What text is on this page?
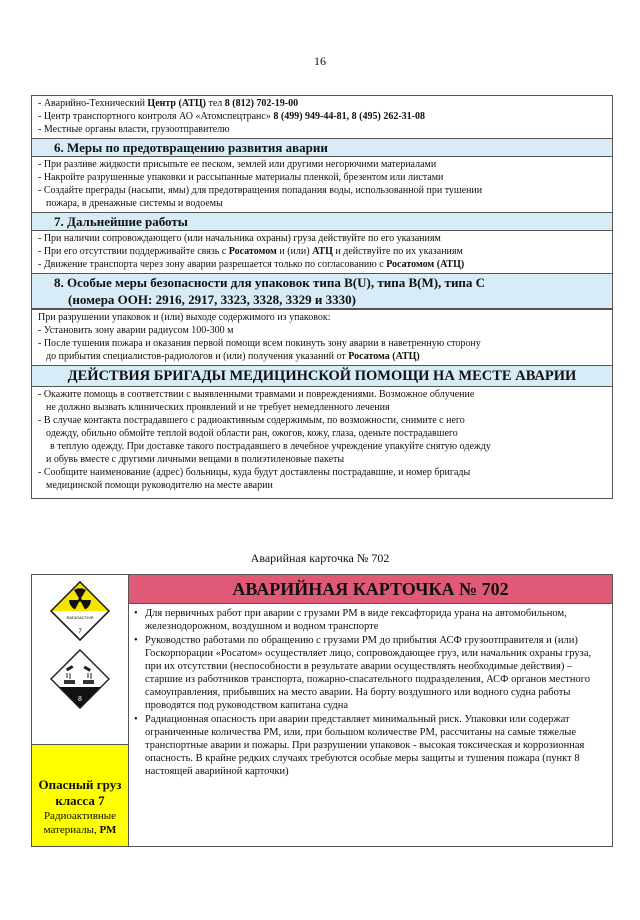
16
- Аварийно-Технический Центр (АТЦ) тел 8 (812) 702-19-00
- Центр транспортного контроля АО «Атомспецтранс» 8 (499) 949-44-81, 8 (495) 262-31-08
- Местные органы власти, грузоотправителю
6. Меры по предотвращению развития аварии
- При разливе жидкости присыпьте ее песком, землей или другими негорючими материалами
- Накройте разрушенные упаковки и рассыпанные материалы пленкой, брезентом или листами
- Создайте преграды (насыпи, ямы) для предотвращения попадания воды, использованной при тушении
пожара, в дренажные системы и водоемы
7. Дальнейшие работы
- При наличии сопровождающего (или начальника охраны) груза действуйте по его указаниям
- При его отсутствии поддерживайте связь с Росатомом и (или) АТЦ и действуйте по их указаниям
- Движение транспорта через зону аварии разрешается только по согласованию с Росатомом (АТЦ)
8. Особые меры безопасности для упаковок типа B(U), типа B(M), типа C
(номера ООН: 2916, 2917, 3323, 3328, 3329 и 3330)
При разрушении упаковок и (или) выходе содержимого из упаковок:
- Установить зону аварии радиусом 100-300 м
- После тушения пожара и оказания первой помощи всем покинуть зону аварии в наветренную сторону
до прибытия специалистов-радиологов и (или) получения указаний от Росатома (АТЦ)
ДЕЙСТВИЯ БРИГАДЫ МЕДИЦИНСКОЙ ПОМОЩИ НА МЕСТЕ АВАРИИ
- Окажите помощь в соответствии с выявленными травмами и повреждениями. Возможное облучение
не должно вызвать клинических проявлений и не требует немедленного лечения
- В случае контакта пострадавшего с радиоактивным содержимым, по возможности, снимите с него
одежду, обильно обмойте теплой водой области ран, ожогов, кожу, глаза, оденьте пострадавшего
в теплую одежду. При доставке такого пострадавшего в лечебное учреждение упакуйте снятую одежду
и обувь вместе с другими личными вещами в полиэтиленовые пакеты
- Сообщите наименование (адрес) больницы, куда будут доставлены пострадавшие, и номер бригады
медицинской помощи руководителю на месте аварии
Аварийная карточка № 702
RADIOACTIVE
7
8
Опасный груз
класса 7
Радиоактивные
материалы, РМ
АВАРИЙНАЯ КАРТОЧКА № 702
• Для первичных работ при аварии с грузами РМ в виде гексафторида урана на автомобильном, железнодорожном, воздушном и водном транспорте
• Руководство работами по обращению с грузами РМ до прибытия АСФ грузоотправителя и (или) Госкорпорации «Росатом» осуществляет лицо, сопровождающее груз, или начальник охраны груза, при их отсутствии (неспособности в результате аварии осуществлять необходимые действия) – старшие из работников транспорта, пожарно-спасательного подразделения, АСФ органов местного самоуправления, прибывших на место аварии. На борту воздушного или водного судна работы проводятся под руководством капитана судна
• Радиационная опасность при аварии представляет минимальный риск. Упаковки или содержат ограниченные количества РМ, или, при большом количестве РМ, рассчитаны на самые тяжелые транспортные аварии и пожары. При разрушении упаковок - высокая токсическая и коррозионная опасность. В крайне редких случаях требуются особые меры защиты и тушения пожара (пункт 8 настоящей аварийной карточки)
